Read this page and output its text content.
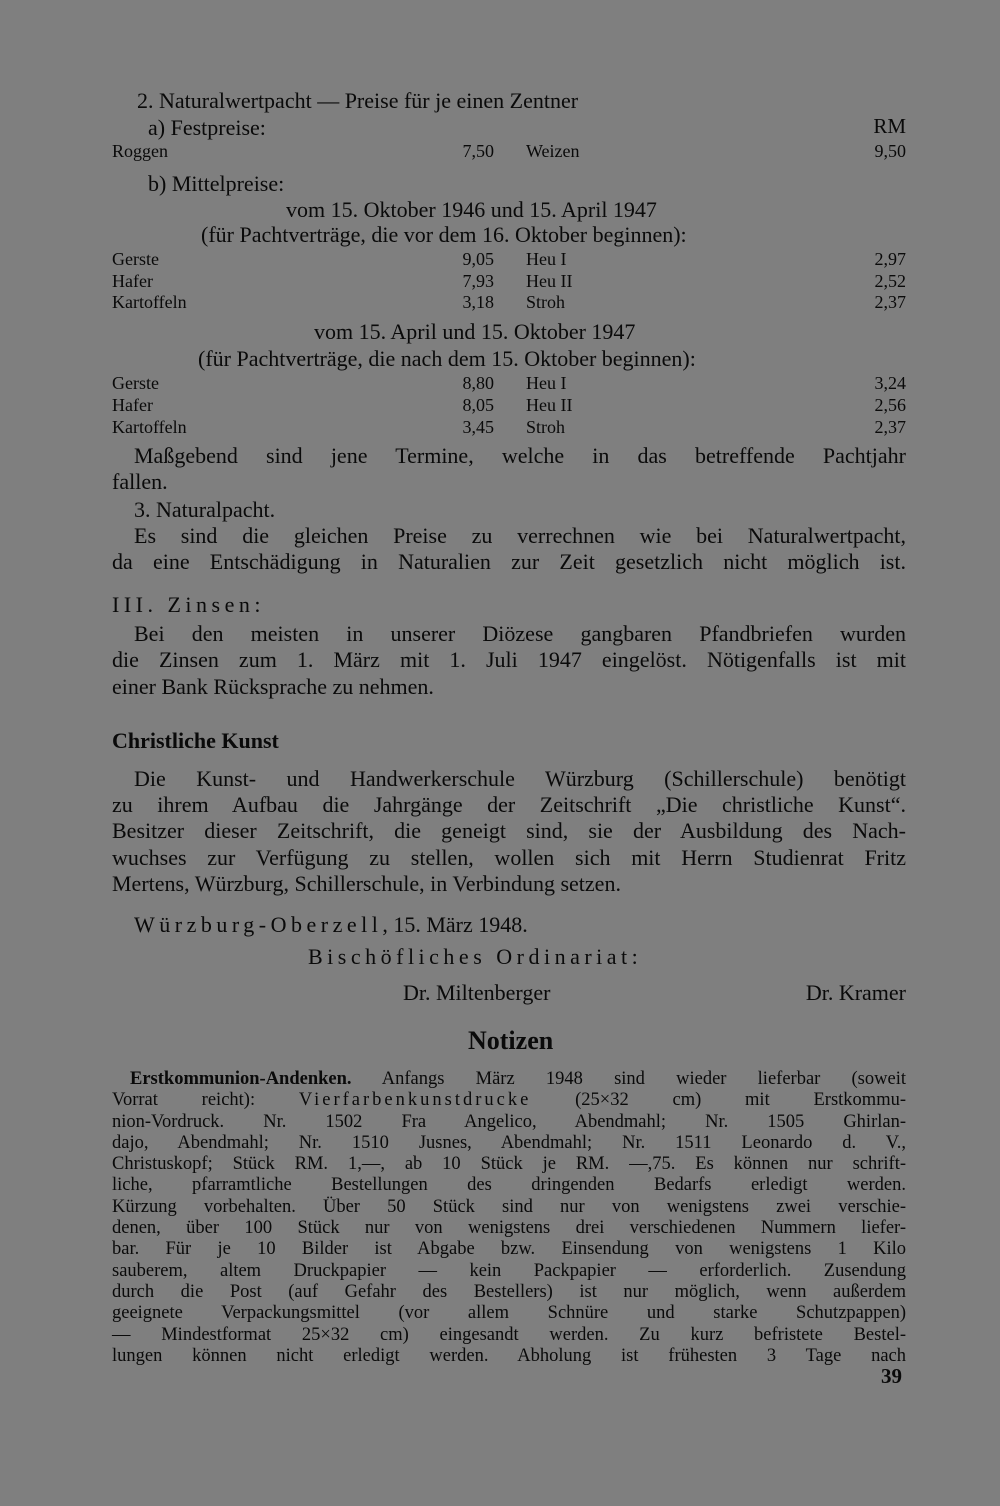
2. Naturalwertpacht — Preise für je einen Zentner
a) Festpreise:	RM
Roggen	7,50 Weizen	9,50
b) Mittelpreise:
vom 15. Oktober 1946 und 15. April 1947
(für Pachtverträge, die vor dem 16. Oktober beginnen):
Gerste	9,05 Heu I	2,97
Hafer	7,93 Heu II	2,52
Kartoffeln	3,18 Stroh	2,37
vom 15. April und 15. Oktober 1947
(für Pachtverträge, die nach dem 15. Oktober beginnen):
Gerste	8,80 Heu I	3,24
Hafer	8,05 Heu II	2,56
Kartoffeln	3,45 Stroh	2,37
Maßgebend sind jene Termine, welche in das betreffende Pachtjahr
fallen.
3. Naturalpacht.
Es sind die gleichen Preise zu verrechnen wie bei Naturalwertpacht,
da eine Entschädigung in Naturalien zur Zeit gesetzlich nicht möglich ist.
III. Zinsen:
Bei den meisten in unserer Diözese gangbaren Pfandbriefen wurden
die Zinsen zum 1. März mit 1. Juli 1947 eingelöst. Nötigenfalls ist mit
einer Bank Rücksprache zu nehmen.
Christliche Kunst
Die Kunst- und Handwerkerschule Würzburg (Schillerschule) benötigt
zu ihrem Aufbau die Jahrgänge der Zeitschrift „Die christliche Kunst“.
Besitzer dieser Zeitschrift, die geneigt sind, sie der Ausbildung des Nach-
wuchses zur Verfügung zu stellen, wollen sich mit Herrn Studienrat Fritz
Mertens, Würzburg, Schillerschule, in Verbindung setzen.
Würzburg-Oberzell, 15. März 1948.
Bischöfliches Ordinariat:
Dr. Miltenberger	Dr. Kramer
Notizen
Erstkommunion-Andenken. Anfangs März 1948 sind wieder lieferbar (soweit
Vorrat reicht): Vierfarbenkunstdrucke (25×32 cm) mit Erstkommu-
nion-Vordruck. Nr. 1502 Fra Angelico, Abendmahl; Nr. 1505 Ghirlan-
dajo, Abendmahl; Nr. 1510 Jusnes, Abendmahl; Nr. 1511 Leonardo d. V.,
Christuskopf; Stück RM. 1,—, ab 10 Stück je RM. —,75. Es können nur schrift-
liche, pfarramtliche Bestellungen des dringenden Bedarfs erledigt werden.
Kürzung vorbehalten. Über 50 Stück sind nur von wenigstens zwei verschie-
denen, über 100 Stück nur von wenigstens drei verschiedenen Nummern liefer-
bar. Für je 10 Bilder ist Abgabe bzw. Einsendung von wenigstens 1 Kilo
sauberem, altem Druckpapier — kein Packpapier — erforderlich. Zusendung
durch die Post (auf Gefahr des Bestellers) ist nur möglich, wenn außerdem
geeignete Verpackungsmittel (vor allem Schnüre und starke Schutzpappen)
— Mindestformat 25×32 cm) eingesandt werden. Zu kurz befristete Bestel-
lungen können nicht erledigt werden. Abholung ist frühesten 3 Tage nach
39
